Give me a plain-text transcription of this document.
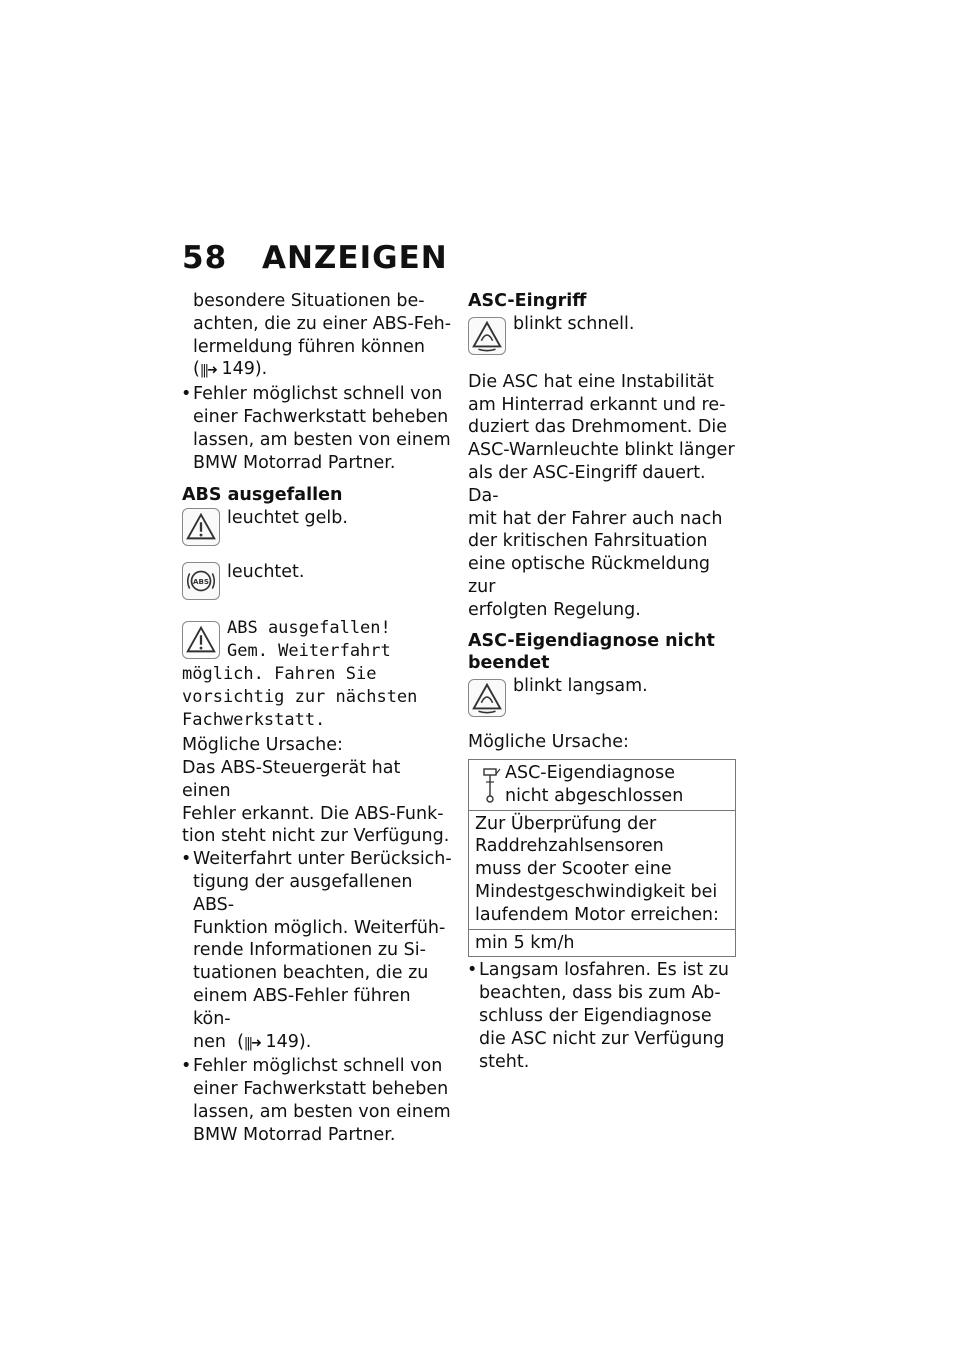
58 ANZEIGEN
besondere Situationen be-
achten, die zu einer ABS-Feh-
lermeldung führen können
(|||➜ 149).
• Fehler möglichst schnell von
einer Fachwerkstatt beheben
lassen, am besten von einem
BMW Motorrad Partner.
ABS ausgefallen
leuchtet gelb.
ABS	leuchtet.
ABS ausgefallen!
Gem. Weiterfahrt
möglich. Fahren Sie
vorsichtig zur nächsten
Fachwerkstatt.
Mögliche Ursache:
Das ABS-Steuergerät hat einen
Fehler erkannt. Die ABS-Funk-
tion steht nicht zur Verfügung.
• Weiterfahrt unter Berücksich-
tigung der ausgefallenen ABS-
Funktion möglich. Weiterfüh-
rende Informationen zu Si-
tuationen beachten, die zu
einem ABS-Fehler führen kön-
nen  (|||➜ 149).
• Fehler möglichst schnell von
einer Fachwerkstatt beheben
lassen, am besten von einem
BMW Motorrad Partner.
ASC-Eingriff
blinkt schnell.
Die ASC hat eine Instabilität
am Hinterrad erkannt und re-
duziert das Drehmoment. Die
ASC-Warnleuchte blinkt länger
als der ASC-Eingriff dauert. Da-
mit hat der Fahrer auch nach
der kritischen Fahrsituation
eine optische Rückmeldung zur
erfolgten Regelung.
ASC-Eigendiagnose nicht
beendet
blinkt langsam.
Mögliche Ursache:
ASC-Eigendiagnose
nicht abgeschlossen

Zur Überprüfung der
Raddrehzahlsensoren
muss der Scooter eine
Mindestgeschwindigkeit bei
laufendem Motor erreichen:

min 5 km/h
• Langsam losfahren. Es ist zu
beachten, dass bis zum Ab-
schluss der Eigendiagnose
die ASC nicht zur Verfügung
steht.
